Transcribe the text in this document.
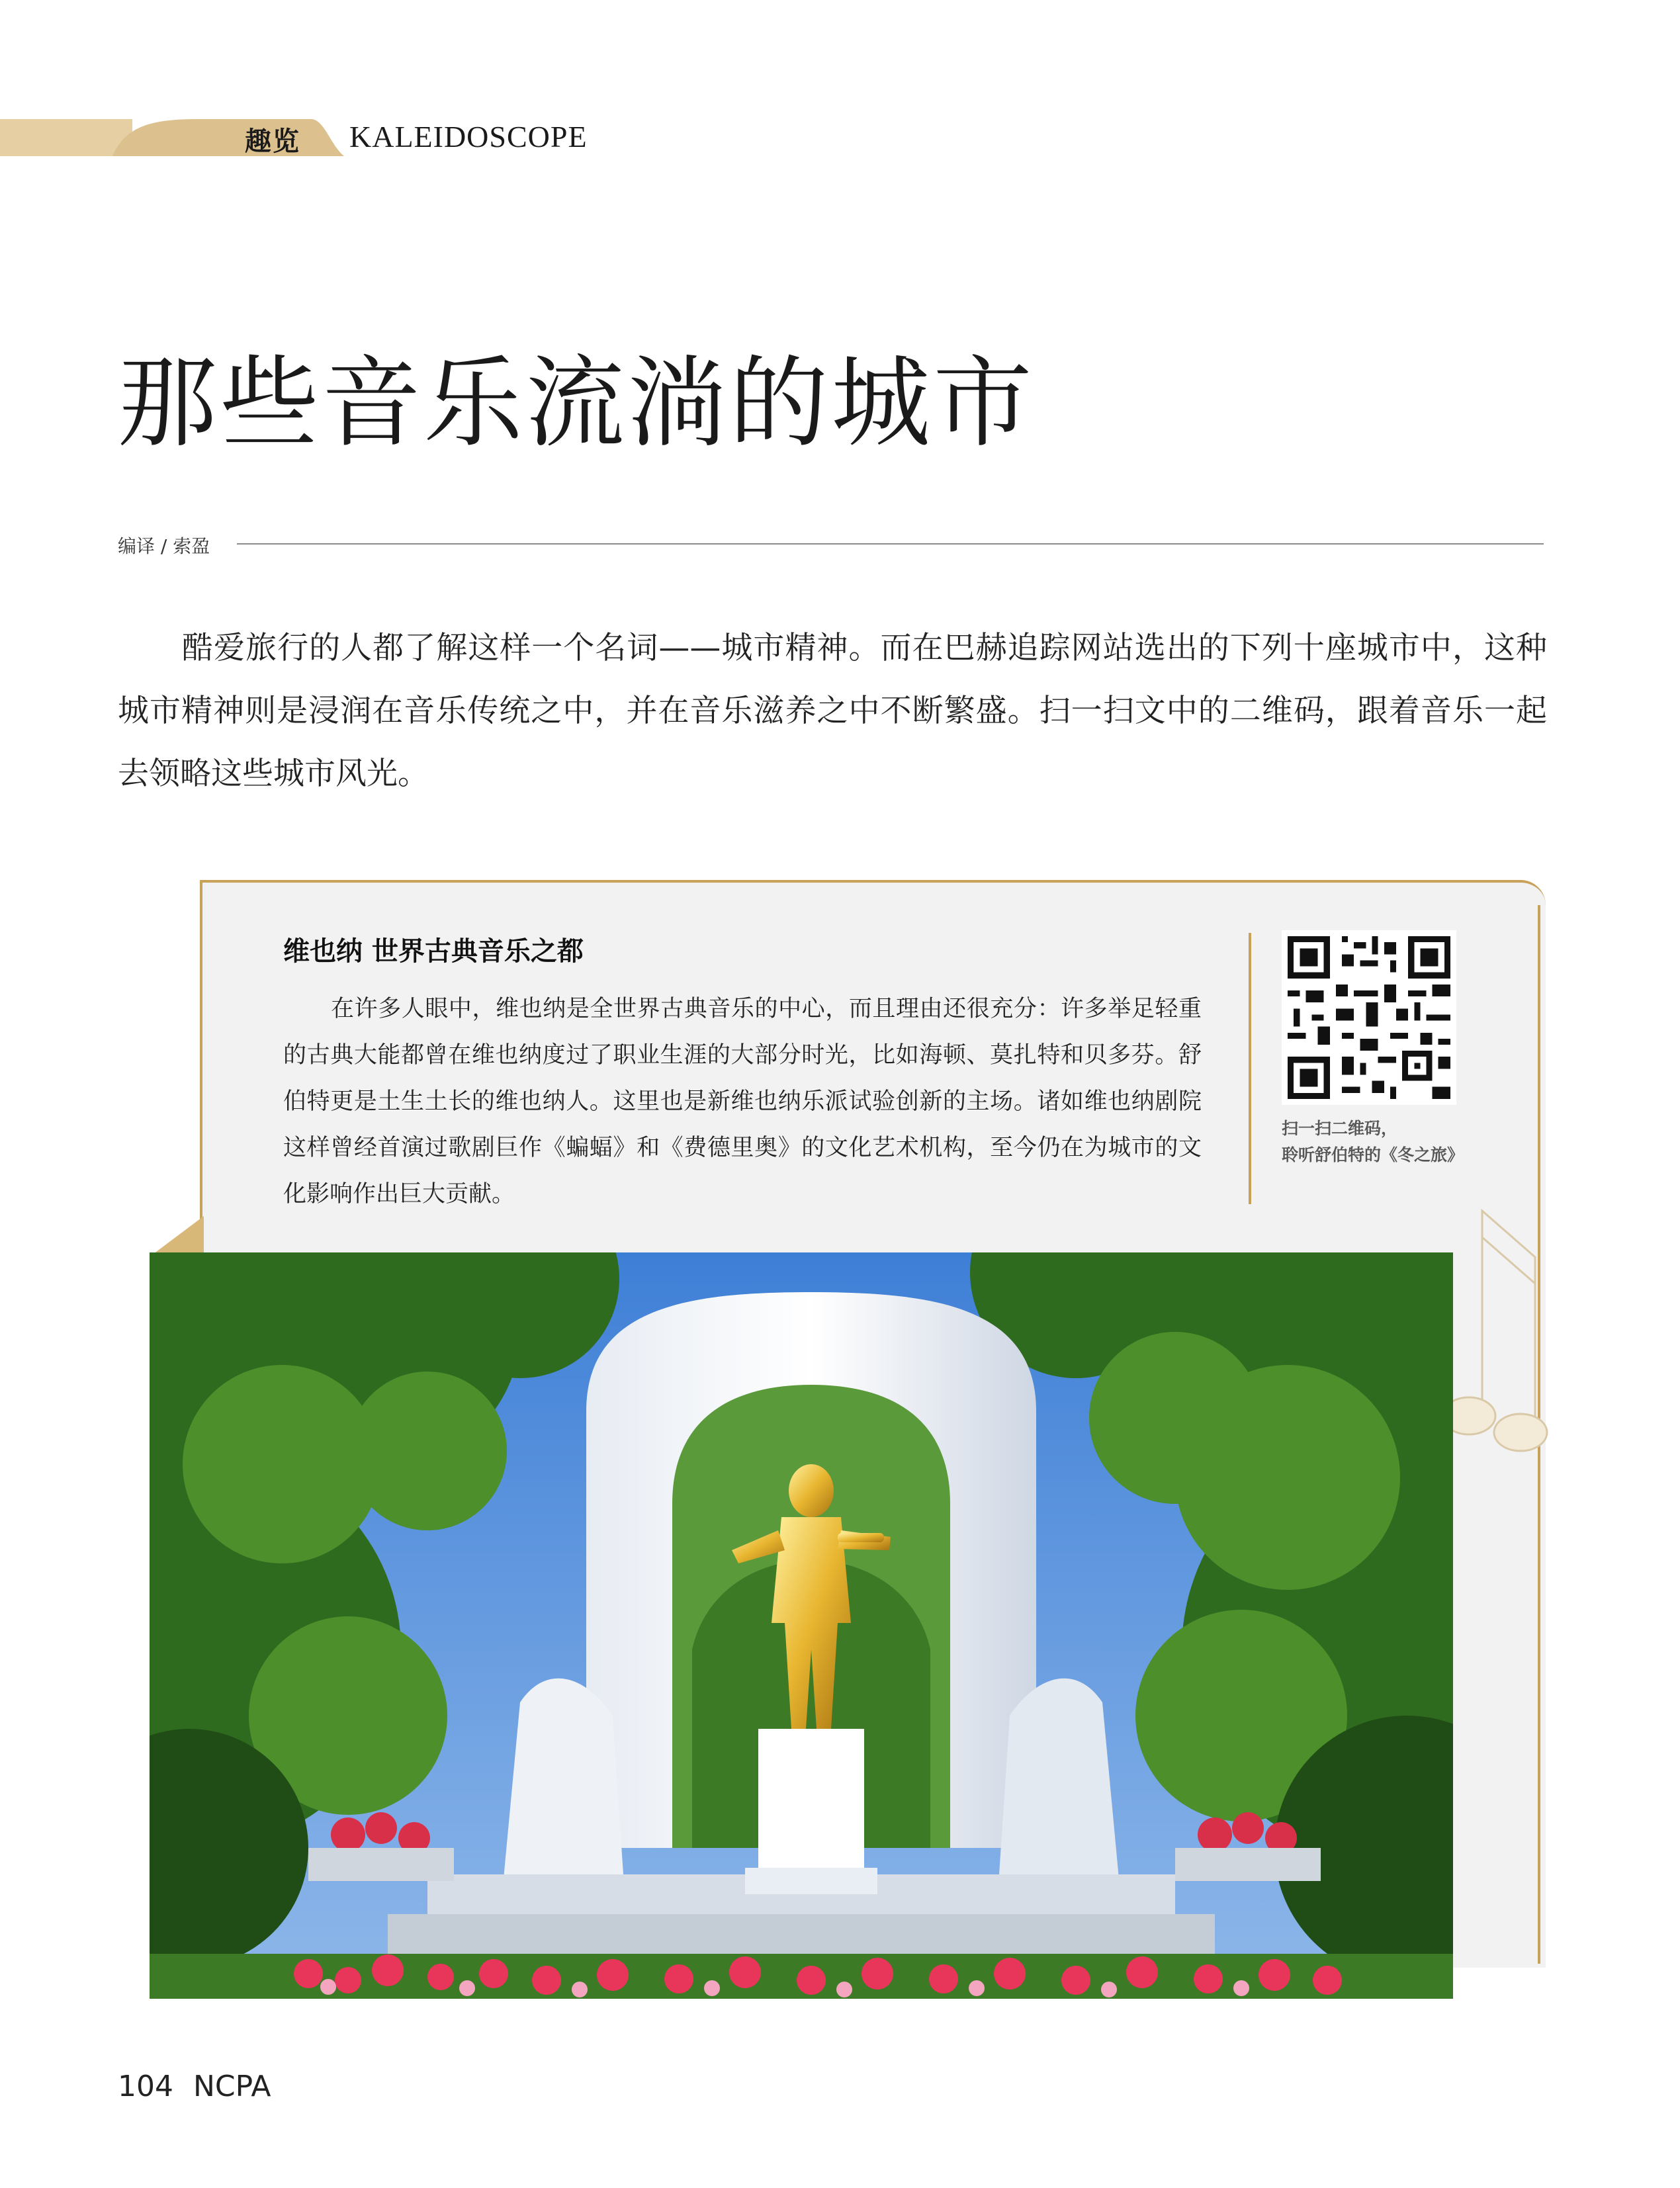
趣览 KALEIDOSCOPE
那些音乐流淌的城市
编译 / 索盈

酷爱旅行的人都了解这样一个名词——城市精神。而在巴赫追踪网站选出的下列十座城市中，这种城市精神则是浸润在音乐传统之中，并在音乐滋养之中不断繁盛。扫一扫文中的二维码，跟着音乐一起去领略这些城市风光。

维也纳 世界古典音乐之都

在许多人眼中，维也纳是全世界古典音乐的中心，而且理由还很充分：许多举足轻重的古典大能都曾在维也纳度过了职业生涯的大部分时光，比如海顿、莫扎特和贝多芬。舒伯特更是土生土长的维也纳人。这里也是新维也纳乐派试验创新的主场。诸如维也纳剧院这样曾经首演过歌剧巨作《蝙蝠》和《费德里奥》的文化艺术机构，至今仍在为城市的文化影响作出巨大贡献。

扫一扫二维码，
聆听舒伯特的《冬之旅》
104 NCPA
